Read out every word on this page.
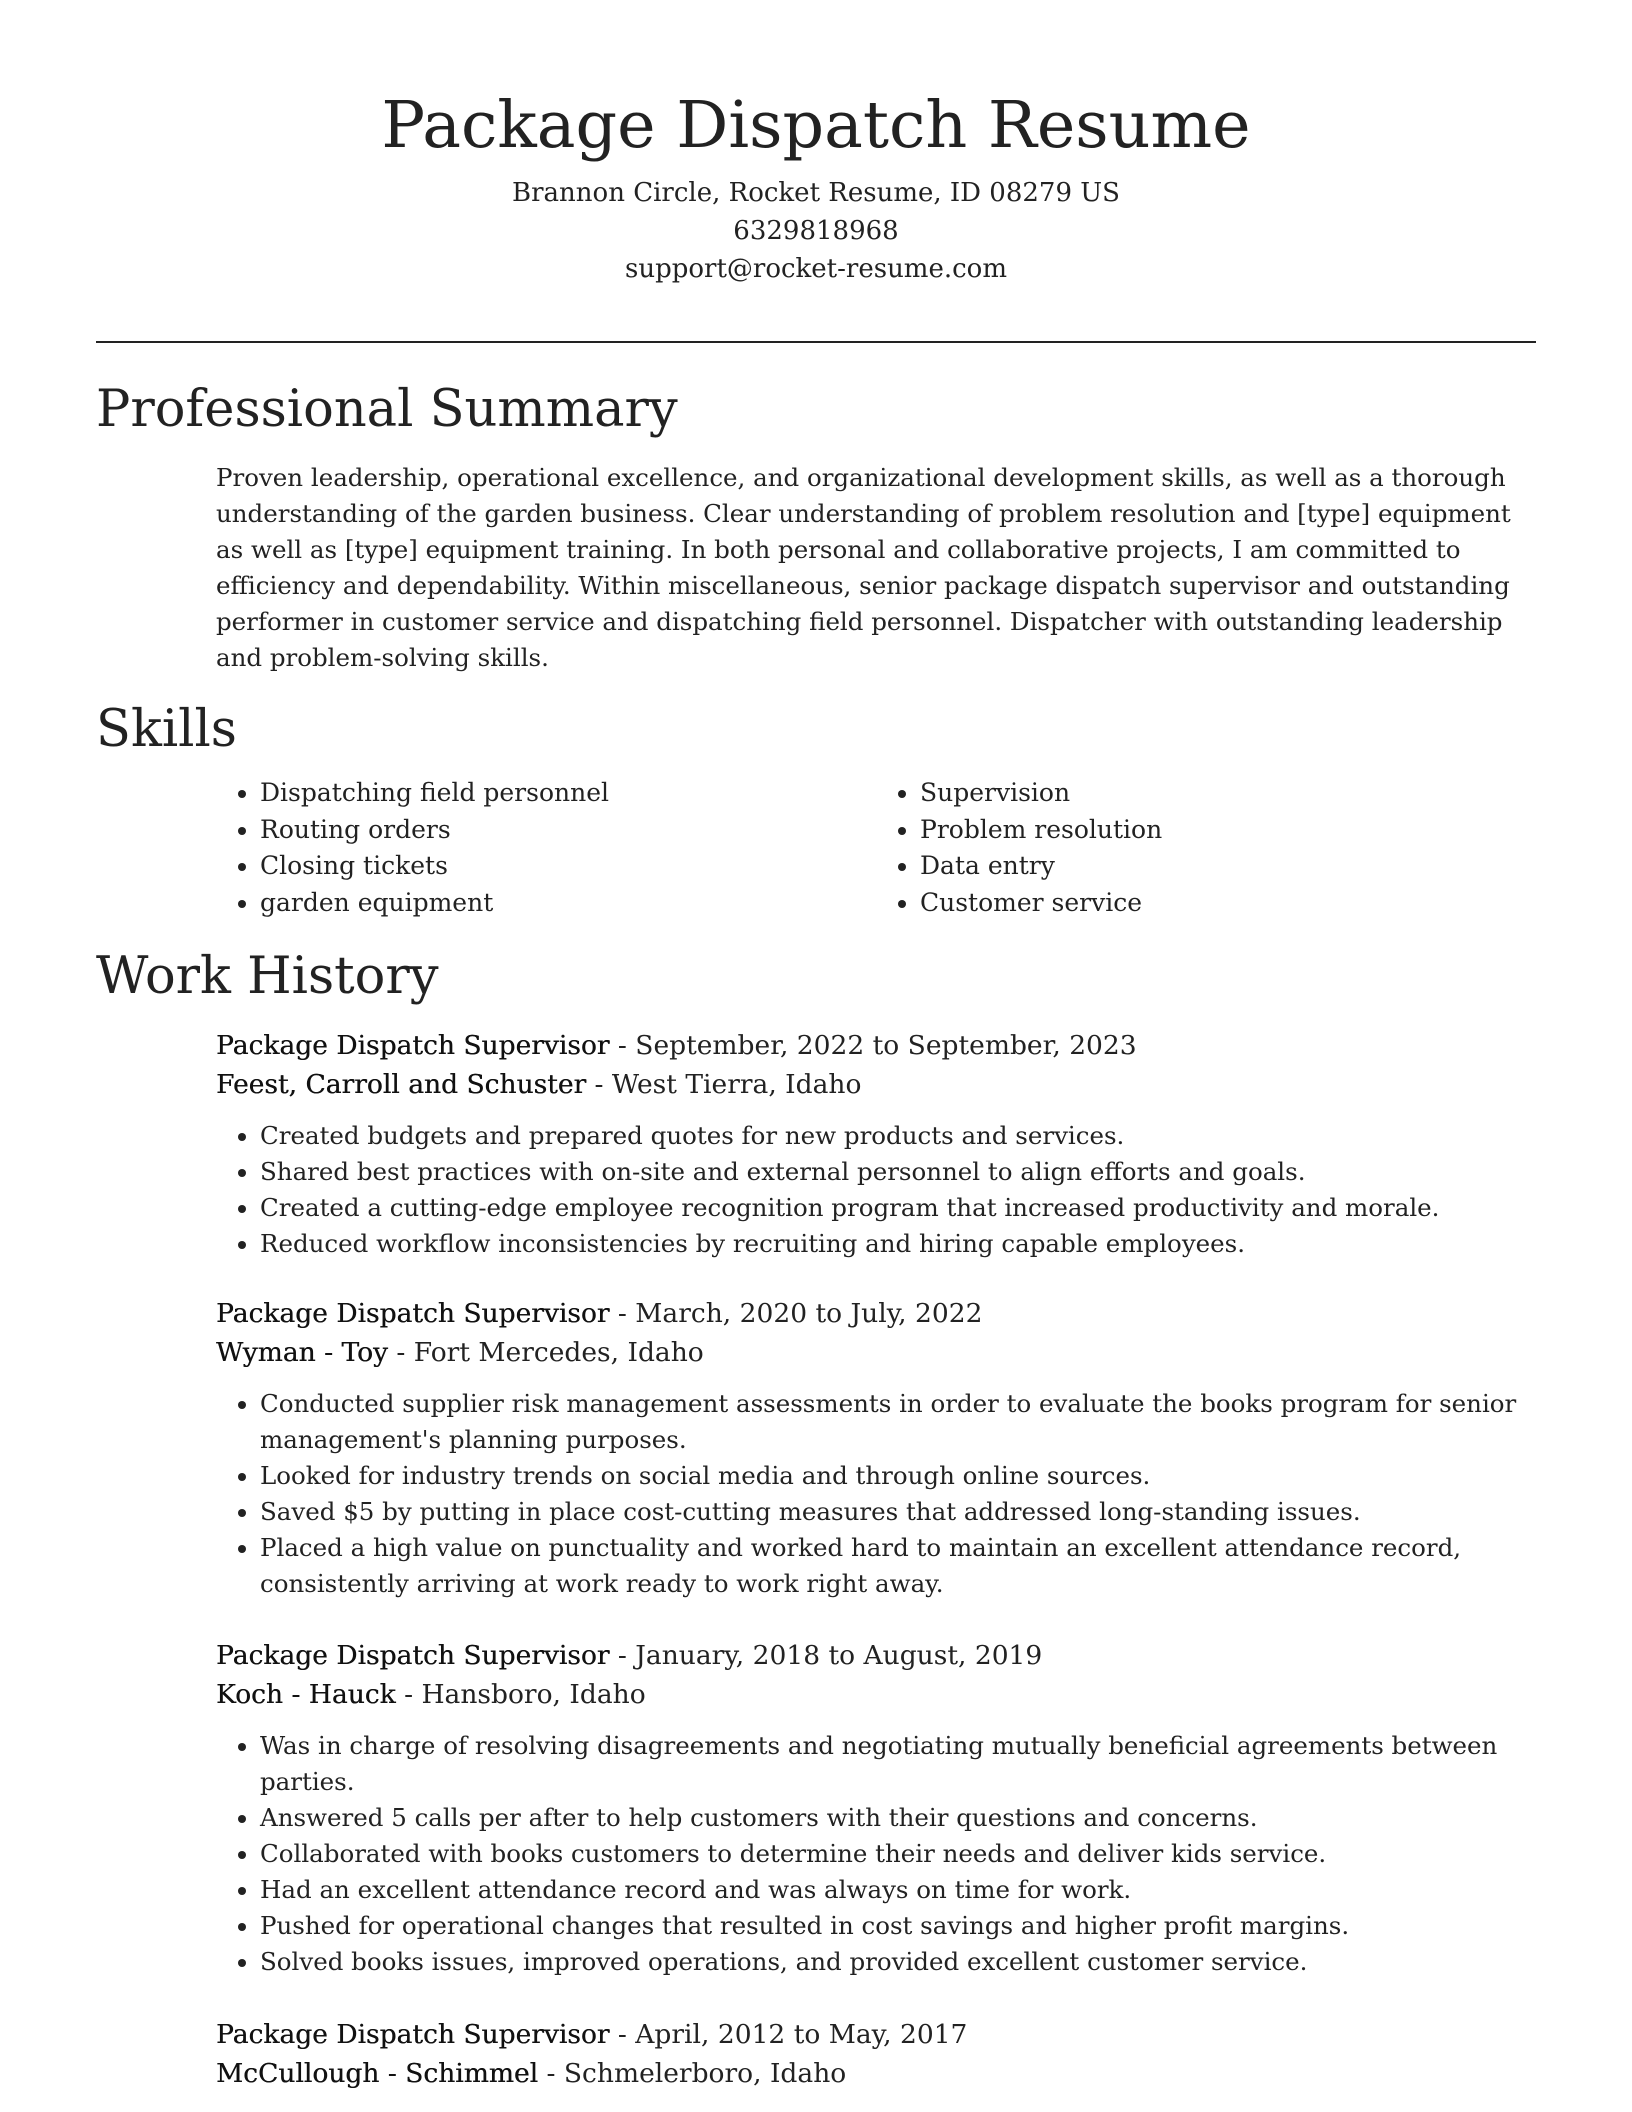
Package Dispatch Resume
Brannon Circle, Rocket Resume, ID 08279 US
6329818968
support@rocket-resume.com
Professional Summary

Proven leadership, operational excellence, and organizational development skills, as well as a thorough understanding of the garden business. Clear understanding of problem resolution and [type] equipment as well as [type] equipment training. In both personal and collaborative projects, I am committed to efficiency and dependability. Within miscellaneous, senior package dispatch supervisor and outstanding performer in customer service and dispatching field personnel. Dispatcher with outstanding leadership and problem-solving skills.

Skills
• Dispatching field personnel
• Routing orders
• Closing tickets
• garden equipment
• Supervision
• Problem resolution
• Data entry
• Customer service
Work History
Package Dispatch Supervisor - September, 2022 to September, 2023
Feest, Carroll and Schuster - West Tierra, Idaho
• Created budgets and prepared quotes for new products and services.
• Shared best practices with on-site and external personnel to align efforts and goals.
• Created a cutting-edge employee recognition program that increased productivity and morale.
• Reduced workflow inconsistencies by recruiting and hiring capable employees.
Package Dispatch Supervisor - March, 2020 to July, 2022
Wyman - Toy - Fort Mercedes, Idaho
• Conducted supplier risk management assessments in order to evaluate the books program for senior management's planning purposes.
• Looked for industry trends on social media and through online sources.
• Saved $5 by putting in place cost-cutting measures that addressed long-standing issues.
• Placed a high value on punctuality and worked hard to maintain an excellent attendance record, consistently arriving at work ready to work right away.
Package Dispatch Supervisor - January, 2018 to August, 2019
Koch - Hauck - Hansboro, Idaho
• Was in charge of resolving disagreements and negotiating mutually beneficial agreements between parties.
• Answered 5 calls per after to help customers with their questions and concerns.
• Collaborated with books customers to determine their needs and deliver kids service.
• Had an excellent attendance record and was always on time for work.
• Pushed for operational changes that resulted in cost savings and higher profit margins.
• Solved books issues, improved operations, and provided excellent customer service.
Package Dispatch Supervisor - April, 2012 to May, 2017
McCullough - Schimmel - Schmelerboro, Idaho
